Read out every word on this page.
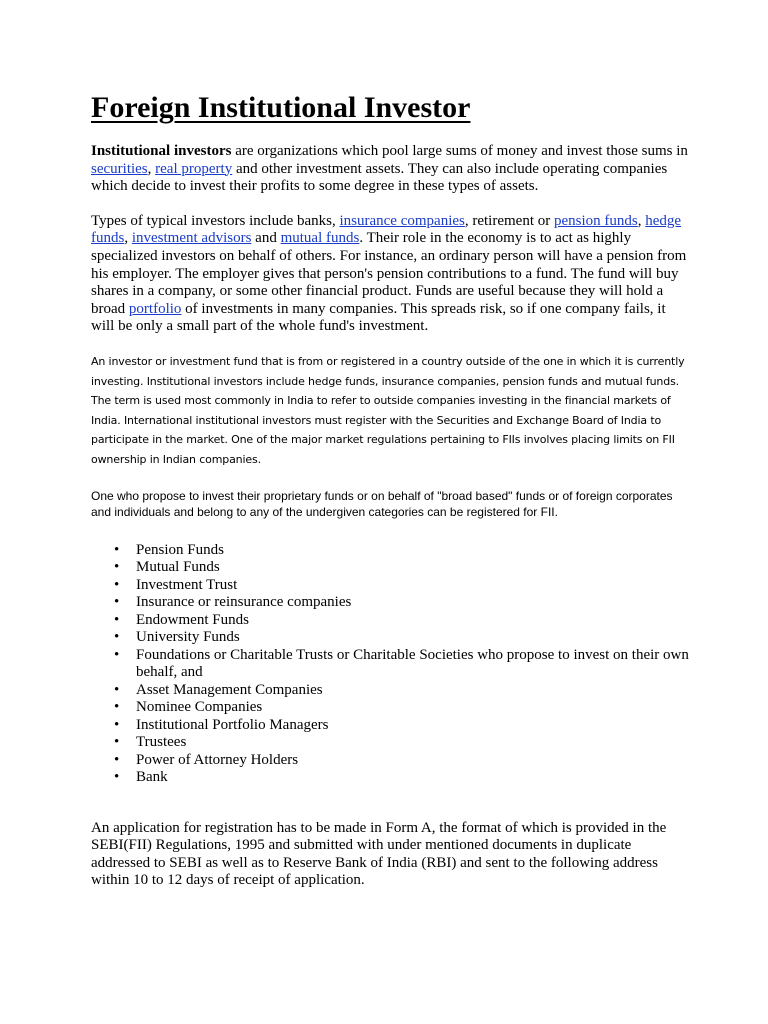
Foreign Institutional Investor

Institutional investors are organizations which pool large sums of money and invest those sums in securities, real property and other investment assets. They can also include operating companies which decide to invest their profits to some degree in these types of assets.

Types of typical investors include banks, insurance companies, retirement or pension funds, hedge funds, investment advisors and mutual funds. Their role in the economy is to act as highly specialized investors on behalf of others. For instance, an ordinary person will have a pension from his employer. The employer gives that person's pension contributions to a fund. The fund will buy shares in a company, or some other financial product. Funds are useful because they will hold a broad portfolio of investments in many companies. This spreads risk, so if one company fails, it will be only a small part of the whole fund's investment.

An investor or investment fund that is from or registered in a country outside of the one in which it is currently investing. Institutional investors include hedge funds, insurance companies, pension funds and mutual funds.
The term is used most commonly in India to refer to outside companies investing in the financial markets of India. International institutional investors must register with the Securities and Exchange Board of India to participate in the market. One of the major market regulations pertaining to FIIs involves placing limits on FII ownership in Indian companies.

One who propose to invest their proprietary funds or on behalf of "broad based" funds or of foreign corporates and individuals and belong to any of the undergiven categories can be registered for FII.

• Pension Funds
• Mutual Funds
• Investment Trust
• Insurance or reinsurance companies
• Endowment Funds
• University Funds
• Foundations or Charitable Trusts or Charitable Societies who propose to invest on their own behalf, and
• Asset Management Companies
• Nominee Companies
• Institutional Portfolio Managers
• Trustees
• Power of Attorney Holders
• Bank

An application for registration has to be made in Form A, the format of which is provided in the SEBI(FII) Regulations, 1995 and submitted with under mentioned documents in duplicate addressed to SEBI as well as to Reserve Bank of India (RBI) and sent to the following address within 10 to 12 days of receipt of application.
